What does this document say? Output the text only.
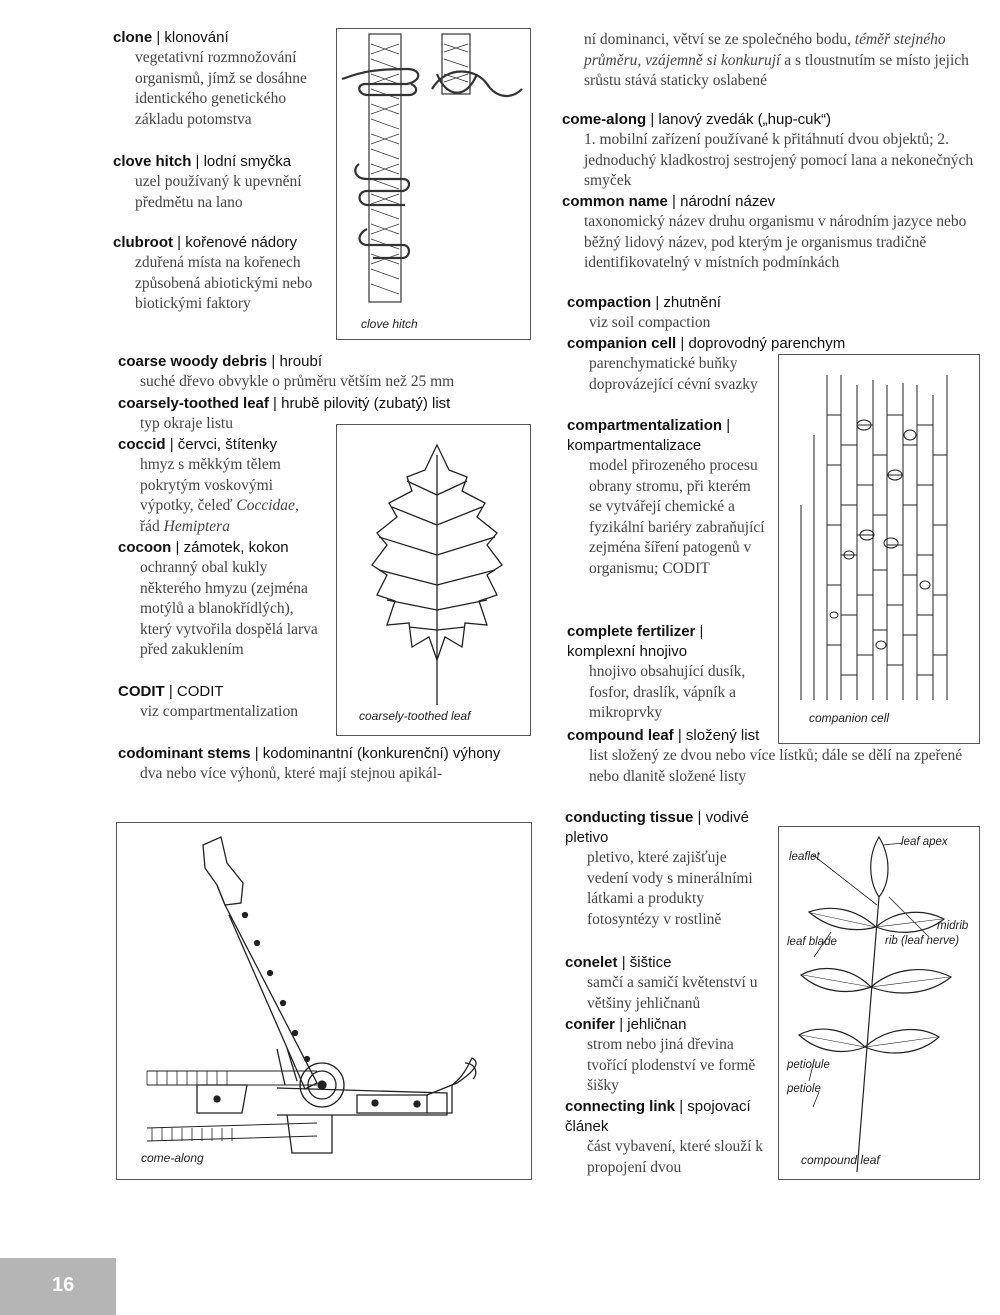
clone | klonování
vegetativní rozmnožování organismů, jímž se dosáhne identického genetického základu potomstva
clove hitch | lodní smyčka
uzel používaný k upevnění předmětu na lano
clubroot | kořenové nádory
zduřená místa na kořenech způsobená abiotickými nebo biotickými faktory
coarse woody debris | hroubí
suché dřevo obvykle o průměru větším než 25 mm
coarsely-toothed leaf | hrubě pilovitý (zubatý) list
typ okraje listu
coccid | červci, štítenky
hmyz s měkkým tělem pokrytým voskovými výpotky, čeleď Coccidae, řád Hemiptera
cocoon | zámotek, kokon
ochranný obal kukly některého hmyzu (zejména motýlů a blanokřídlých), který vytvořila dospělá larva před zakuklením
CODIT | CODIT
viz compartmentalization
codominant stems | kodominantní (konkurenční) výhony
dva nebo více výhonů, které mají stejnou apikál-
ní dominanci, větví se ze společného bodu, téměř stejného průměru, vzájemně si konkurují a s tloustnutím se místo jejich srůstu stává staticky oslabené
come-along | lanový zvedák („hup-cuk“)
1. mobilní zařízení používané k přitáhnutí dvou objektů; 2. jednoduchý kladkostroj sestrojený pomocí lana a nekonečných smyček
common name | národní název
taxonomický název druhu organismu v národním jazyce nebo běžný lidový název, pod kterým je organismus tradičně identifikovatelný v místních podmínkách
compaction | zhutnění
viz soil compaction
companion cell | doprovodný parenchym
parenchymatické buňky doprovázející cévní svazky
compartmentalization | kompartmentalizace
model přirozeného procesu obrany stromu, při kterém se vytvářejí chemické a fyzikální bariéry zabraňující zejména šíření patogenů v organismu; CODIT
complete fertilizer | komplexní hnojivo
hnojivo obsahující dusík, fosfor, draslík, vápník a mikroprvky
compound leaf | složený list
list složený ze dvou nebo více lístků; dále se dělí na zpeřené nebo dlanitě složené listy
conducting tissue | vodivé pletivo
pletivo, které zajišťuje vedení vody s minerálními látkami a produkty fotosyntézy v rostlině
conelet | šištice
samčí a samičí květenství u většiny jehličnanů
conifer | jehličnan
strom nebo jiná dřevina tvořící plodenství ve formě šišky
connecting link | spojovací článek
část vybavení, které slouží k propojení dvou
clove hitch
coarsely-toothed leaf
come-along
companion cell
leaflet
leaf apex
midrib
rib (leaf nerve)
leaf blade
petiolule
petiole
compound leaf
16
